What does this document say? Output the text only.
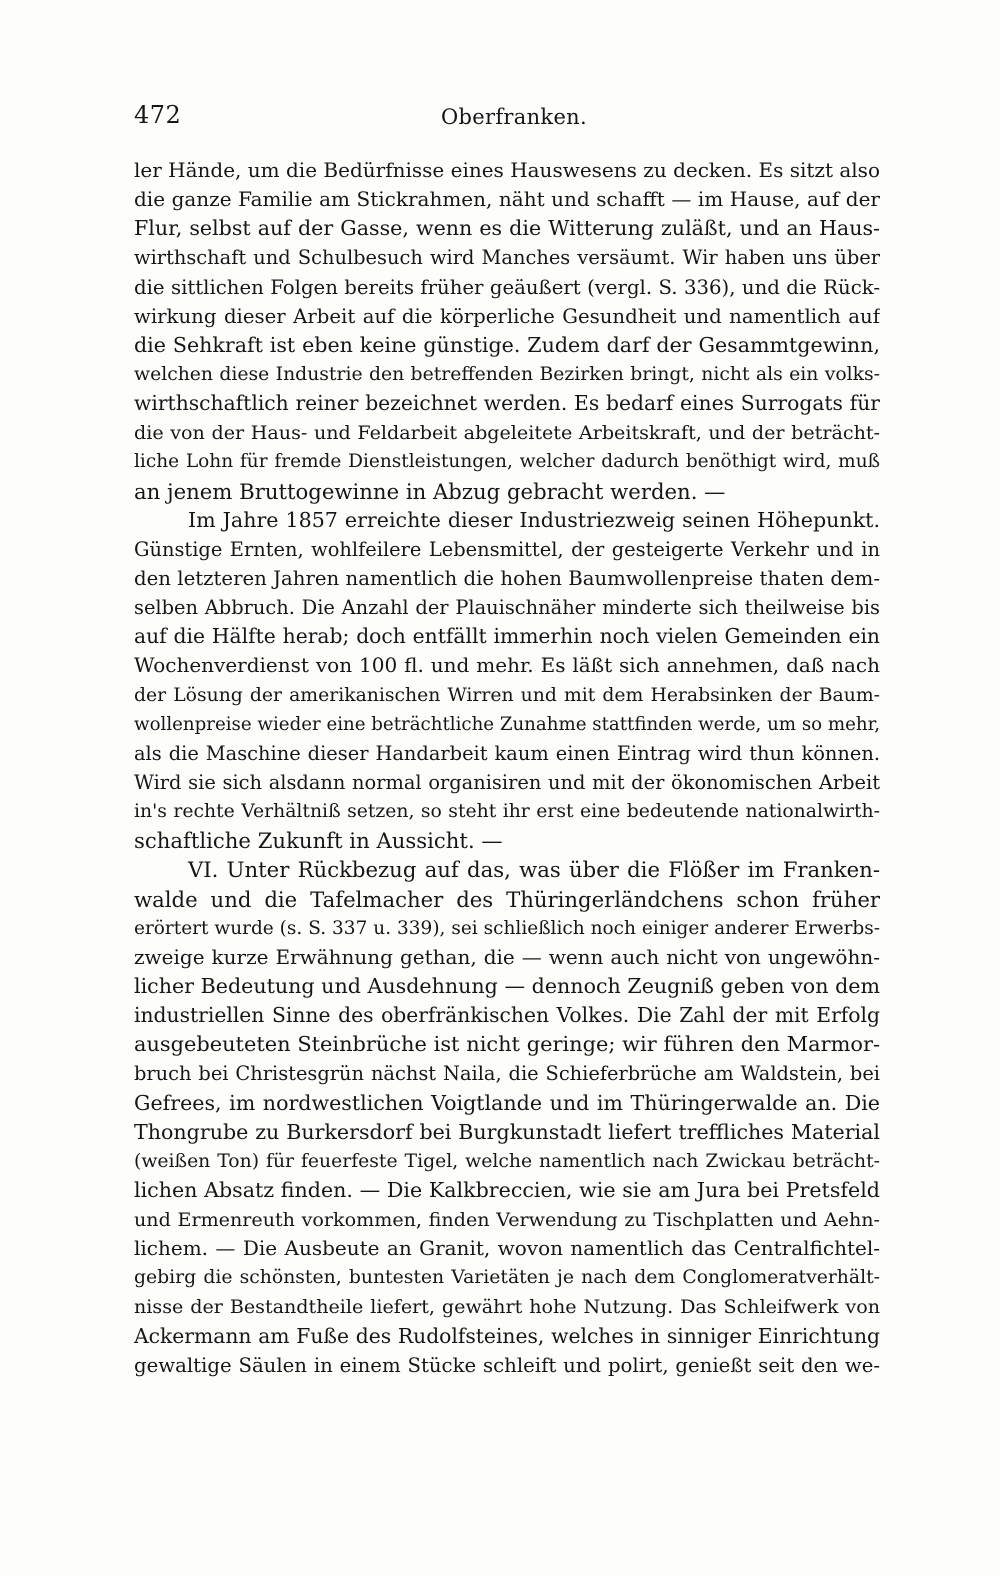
472	Oberfranken.
ler Hände, um die Bedürfnisse eines Hauswesens zu decken. Es sitzt also
die ganze Familie am Stickrahmen, näht und schafft — im Hause, auf der
Flur, selbst auf der Gasse, wenn es die Witterung zuläßt, und an Haus-
wirthschaft und Schulbesuch wird Manches versäumt. Wir haben uns über
die sittlichen Folgen bereits früher geäußert (vergl. S. 336), und die Rück-
wirkung dieser Arbeit auf die körperliche Gesundheit und namentlich auf
die Sehkraft ist eben keine günstige. Zudem darf der Gesammtgewinn,
welchen diese Industrie den betreffenden Bezirken bringt, nicht als ein volks-
wirthschaftlich reiner bezeichnet werden. Es bedarf eines Surrogats für
die von der Haus- und Feldarbeit abgeleitete Arbeitskraft, und der beträcht-
liche Lohn für fremde Dienstleistungen, welcher dadurch benöthigt wird, muß
an jenem Bruttogewinne in Abzug gebracht werden. —
Im Jahre 1857 erreichte dieser Industriezweig seinen Höhepunkt.
Günstige Ernten, wohlfeilere Lebensmittel, der gesteigerte Verkehr und in
den letzteren Jahren namentlich die hohen Baumwollenpreise thaten dem-
selben Abbruch. Die Anzahl der Plauischnäher minderte sich theilweise bis
auf die Hälfte herab; doch entfällt immerhin noch vielen Gemeinden ein
Wochenverdienst von 100 fl. und mehr. Es läßt sich annehmen, daß nach
der Lösung der amerikanischen Wirren und mit dem Herabsinken der Baum-
wollenpreise wieder eine beträchtliche Zunahme stattfinden werde, um so mehr,
als die Maschine dieser Handarbeit kaum einen Eintrag wird thun können.
Wird sie sich alsdann normal organisiren und mit der ökonomischen Arbeit
in's rechte Verhältniß setzen, so steht ihr erst eine bedeutende nationalwirth-
schaftliche Zukunft in Aussicht. —
VI. Unter Rückbezug auf das, was über die Flößer im Franken-
walde und die Tafelmacher des Thüringerländchens schon früher
erörtert wurde (s. S. 337 u. 339), sei schließlich noch einiger anderer Erwerbs-
zweige kurze Erwähnung gethan, die — wenn auch nicht von ungewöhn-
licher Bedeutung und Ausdehnung — dennoch Zeugniß geben von dem
industriellen Sinne des oberfränkischen Volkes. Die Zahl der mit Erfolg
ausgebeuteten Steinbrüche ist nicht geringe; wir führen den Marmor-
bruch bei Christesgrün nächst Naila, die Schieferbrüche am Waldstein, bei
Gefrees, im nordwestlichen Voigtlande und im Thüringerwalde an. Die
Thongrube zu Burkersdorf bei Burgkunstadt liefert treffliches Material
(weißen Ton) für feuerfeste Tigel, welche namentlich nach Zwickau beträcht-
lichen Absatz finden. — Die Kalkbreccien, wie sie am Jura bei Pretsfeld
und Ermenreuth vorkommen, finden Verwendung zu Tischplatten und Aehn-
lichem. — Die Ausbeute an Granit, wovon namentlich das Centralfichtel-
gebirg die schönsten, buntesten Varietäten je nach dem Conglomeratverhält-
nisse der Bestandtheile liefert, gewährt hohe Nutzung. Das Schleifwerk von
Ackermann am Fuße des Rudolfsteines, welches in sinniger Einrichtung
gewaltige Säulen in einem Stücke schleift und polirt, genießt seit den we-
